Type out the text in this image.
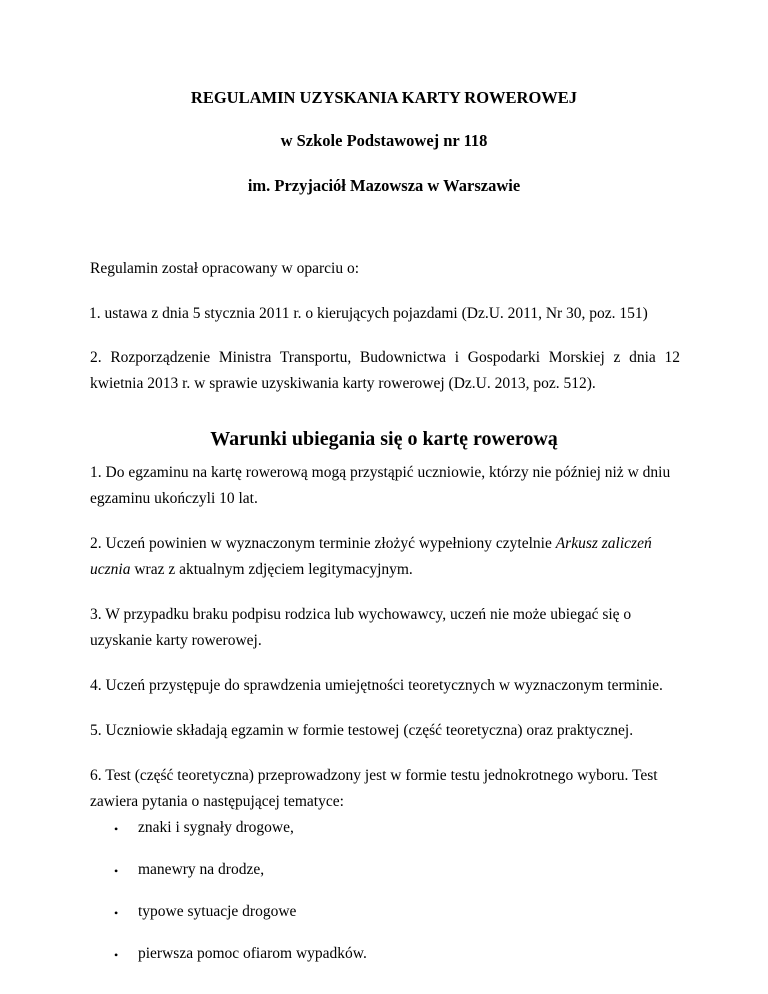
REGULAMIN UZYSKANIA KARTY ROWEROWEJ
w Szkole Podstawowej nr 118
im. Przyjaciół Mazowsza w Warszawie
Regulamin został opracowany w oparciu o:
1. ustawa z dnia 5 stycznia 2011 r. o kierujących pojazdami (Dz.U. 2011, Nr 30, poz. 151)
2. Rozporządzenie Ministra Transportu, Budownictwa i Gospodarki Morskiej z dnia 12
kwietnia 2013 r. w sprawie uzyskiwania karty rowerowej (Dz.U. 2013, poz. 512).
Warunki ubiegania się o kartę rowerową
1. Do egzaminu na kartę rowerową mogą przystąpić uczniowie, którzy nie później niż w dniu
egzaminu ukończyli 10 lat.
2. Uczeń powinien w wyznaczonym terminie złożyć wypełniony czytelnie Arkusz zaliczeń
ucznia wraz z aktualnym zdjęciem legitymacyjnym.
3. W przypadku braku podpisu rodzica lub wychowawcy, uczeń nie może ubiegać się o
uzyskanie karty rowerowej.
4. Uczeń przystępuje do sprawdzenia umiejętności teoretycznych w wyznaczonym terminie.
5. Uczniowie składają egzamin w formie testowej (część teoretyczna) oraz praktycznej.
6. Test (część teoretyczna) przeprowadzony jest w formie testu jednokrotnego wyboru. Test
zawiera pytania o następującej tematyce:
• znaki i sygnały drogowe,
• manewry na drodze,
• typowe sytuacje drogowe
• pierwsza pomoc ofiarom wypadków.
